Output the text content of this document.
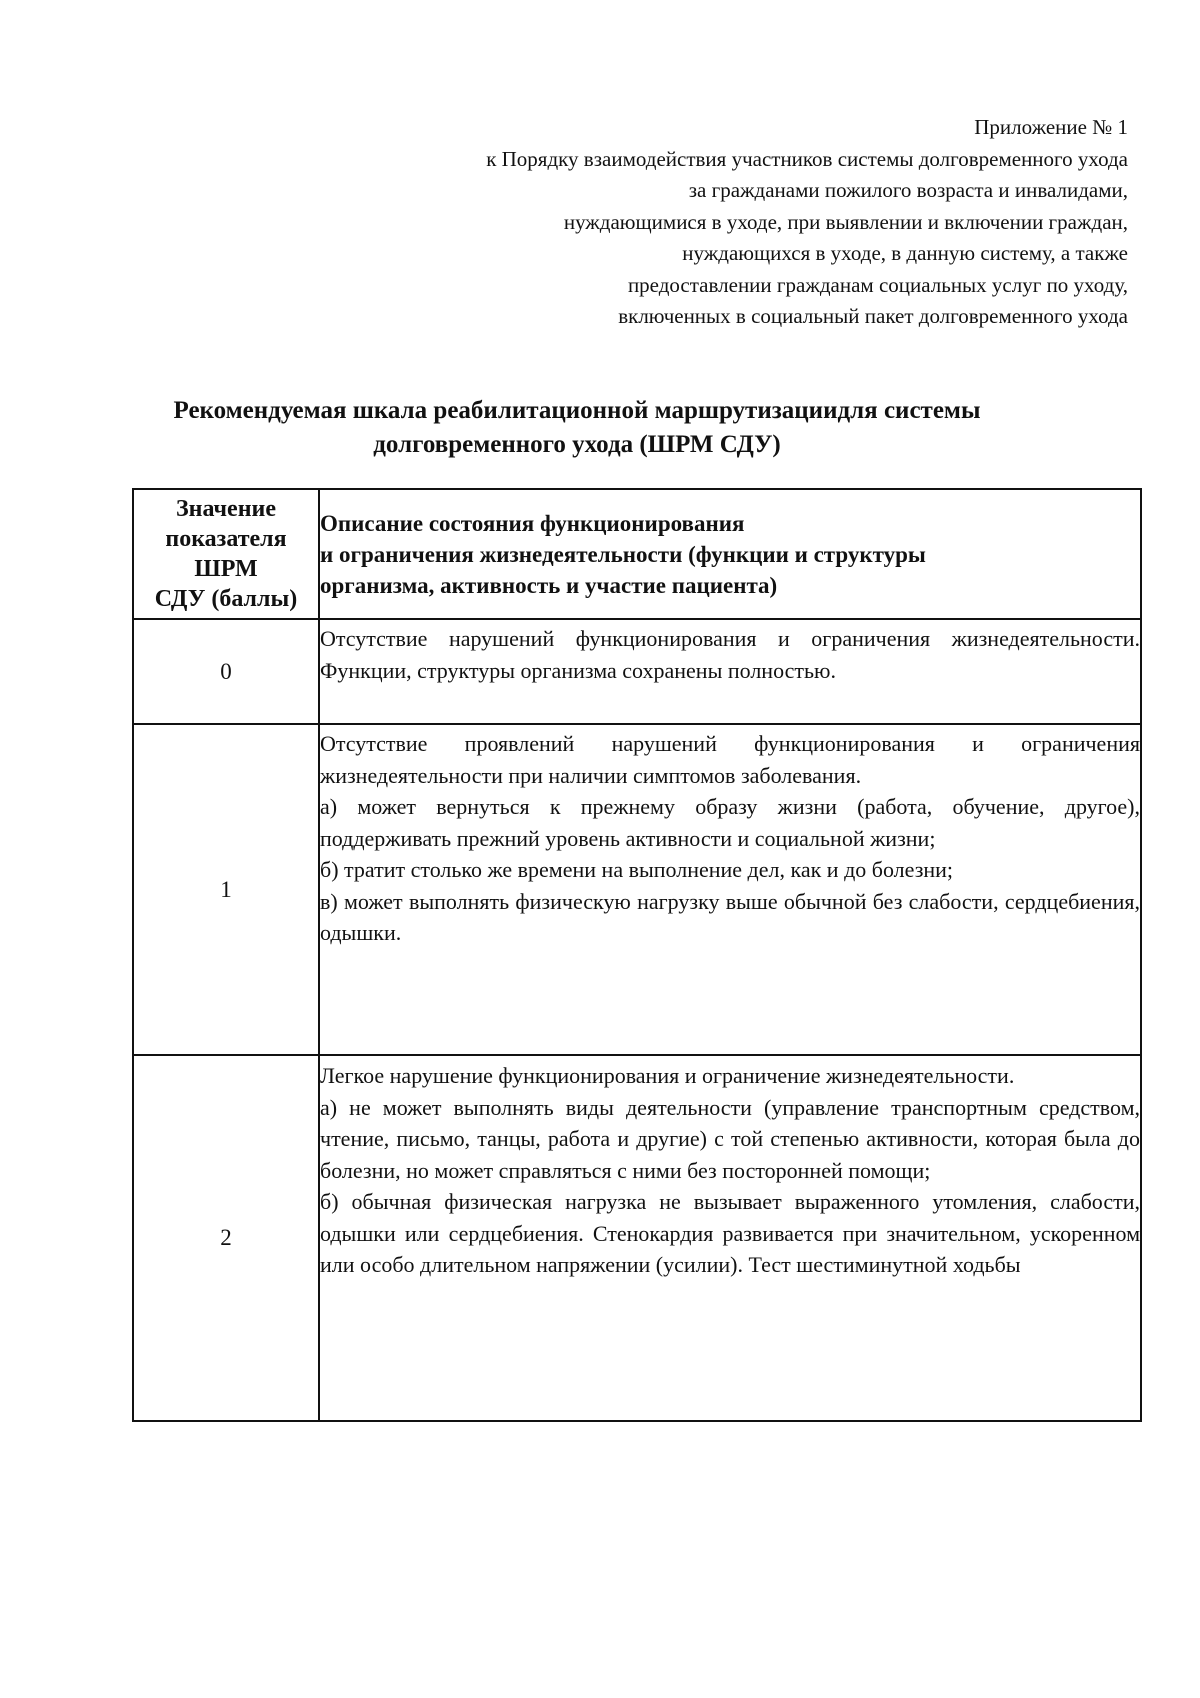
Приложение № 1
к Порядку взаимодействия участников системы долговременного ухода
за гражданами пожилого возраста и инвалидами,
нуждающимися в уходе, при выявлении и включении граждан,
нуждающихся в уходе, в данную систему, а также
предоставлении гражданам социальных услуг по уходу,
включенных в социальный пакет долговременного ухода
Рекомендуемая шкала реабилитационной маршрутизациидля системы
долговременного ухода (ШРМ СДУ)
Значение
показателя
ШРМ
СДУ (баллы)	Описание состояния функционирования
и ограничения жизнедеятельности (функции и структуры
организма, активность и участие пациента)

0	Отсутствие нарушений функционирования и ограничения жизнедеятельности. Функции, структуры организма сохранены полностью.

1	Отсутствие проявлений нарушений функционирования и ограничения жизнедеятельности при наличии симптомов заболевания.

а) может вернуться к прежнему образу жизни (работа, обучение, другое), поддерживать прежний уровень активности и социальной жизни;

б) тратит столько же времени на выполнение дел, как и до болезни;

в) может выполнять физическую нагрузку выше обычной без слабости, сердцебиения, одышки.

2	Легкое нарушение функционирования и ограничение жизнедеятельности.

а) не может выполнять виды деятельности (управление транспортным средством, чтение, письмо, танцы, работа и другие) с той степенью активности, которая была до болезни, но может справляться с ними без посторонней помощи;

б) обычная физическая нагрузка не вызывает выраженного утомления, слабости, одышки или сердцебиения. Стенокардия развивается при значительном, ускоренном или особо длительном напряжении (усилии). Тест шестиминутной ходьбы
